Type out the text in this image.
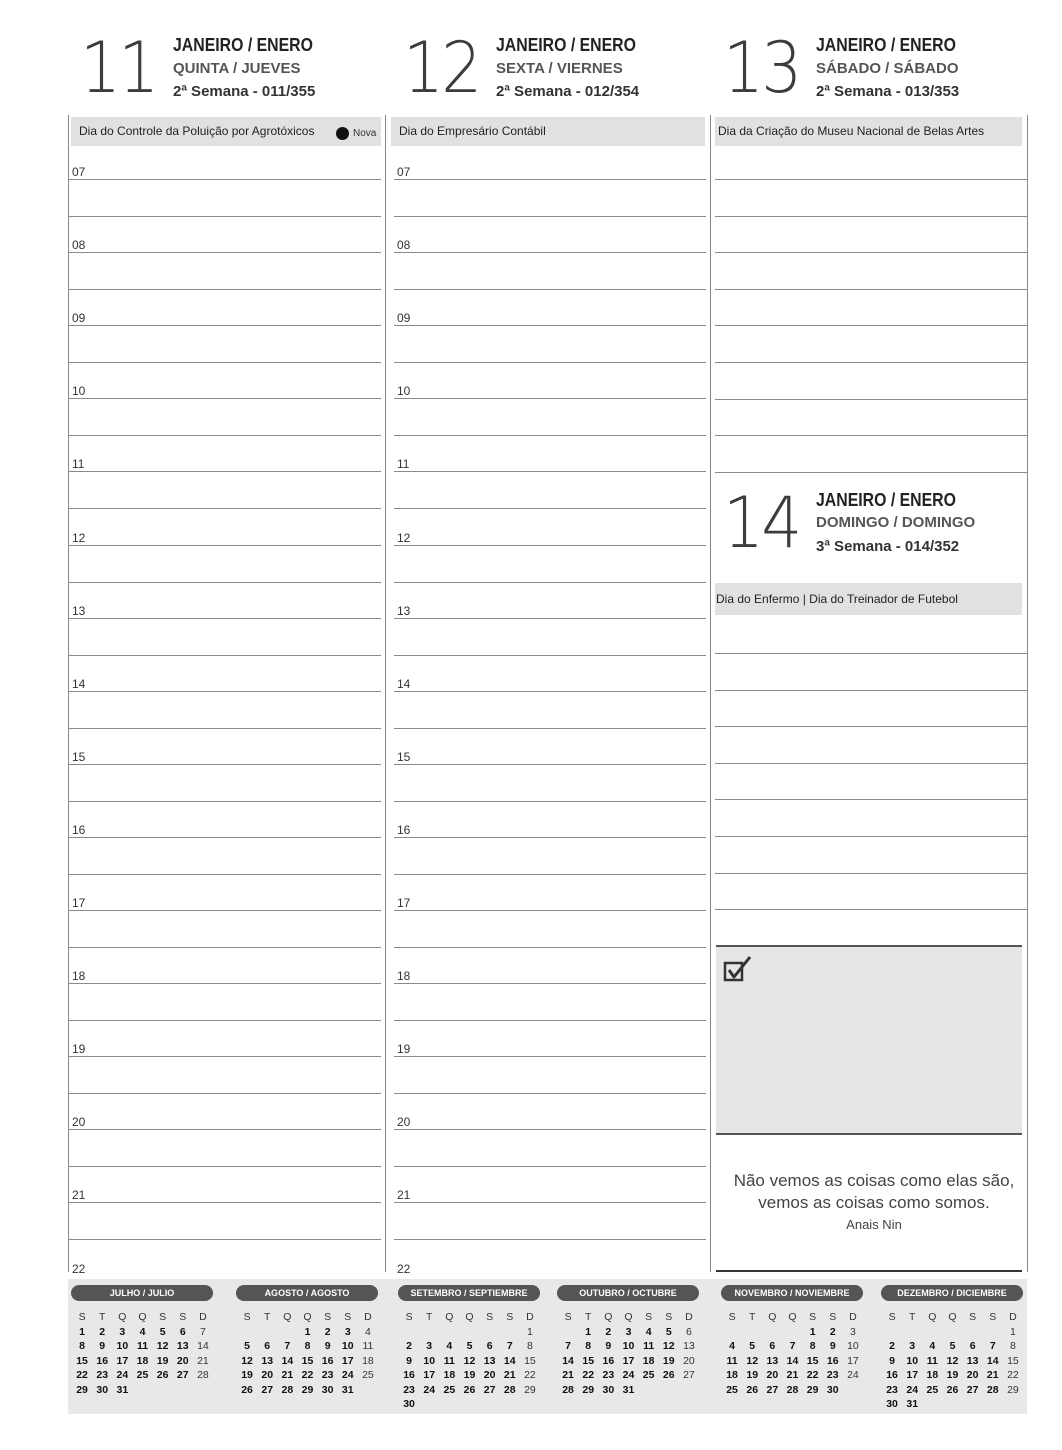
11 JANEIRO / ENERO
QUINTA / JUEVES
2ª Semana - 011/355 12 JANEIRO / ENERO
SEXTA / VIERNES
2ª Semana - 012/354 13 JANEIRO / ENERO
SÁBADO / SÁBADO
2ª Semana - 013/353
14 JANEIRO / ENERO
DOMINGO / DOMINGO
3ª Semana - 014/352
Dia do Controle da Poluição por Agrotóxicos	Nova	Dia do Empresário Contábil	Dia da Criação do Museu Nacional de Belas Artes
Dia do Enfermo | Dia do Treinador de Futebol
07
08
09
10
11
12
13
14
15
16
17
18
19
20
21
22
07
08
09
10
11
12
13
14
15
16
17
18
19
20
21
22
Não vemos as coisas como elas são, vemos as coisas como somos.
Anais Nin
JULHO / JULIO
S	T	Q	Q	S	S	D
1	2	3	4	5	6	7
8	9	10	11	12	13	14
15	16	17	18	19	20	21
22	23	24	25	26	27	28
29	30	31				
AGOSTO / AGOSTO
S	T	Q	Q	S	S	D
			1	2	3	4
5	6	7	8	9	10	11
12	13	14	15	16	17	18
19	20	21	22	23	24	25
26	27	28	29	30	31	
SETEMBRO / SEPTIEMBRE
S	T	Q	Q	S	S	D
						1
2	3	4	5	6	7	8
9	10	11	12	13	14	15
16	17	18	19	20	21	22
23	24	25	26	27	28	29
30						
OUTUBRO / OCTUBRE
S	T	Q	Q	S	S	D
	1	2	3	4	5	6
7	8	9	10	11	12	13
14	15	16	17	18	19	20
21	22	23	24	25	26	27
28	29	30	31			
NOVEMBRO / NOVIEMBRE
S	T	Q	Q	S	S	D
				1	2	3
4	5	6	7	8	9	10
11	12	13	14	15	16	17
18	19	20	21	22	23	24
25	26	27	28	29	30	
DEZEMBRO / DICIEMBRE
S	T	Q	Q	S	S	D
						1
2	3	4	5	6	7	8
9	10	11	12	13	14	15
16	17	18	19	20	21	22
23	24	25	26	27	28	29
30	31					
